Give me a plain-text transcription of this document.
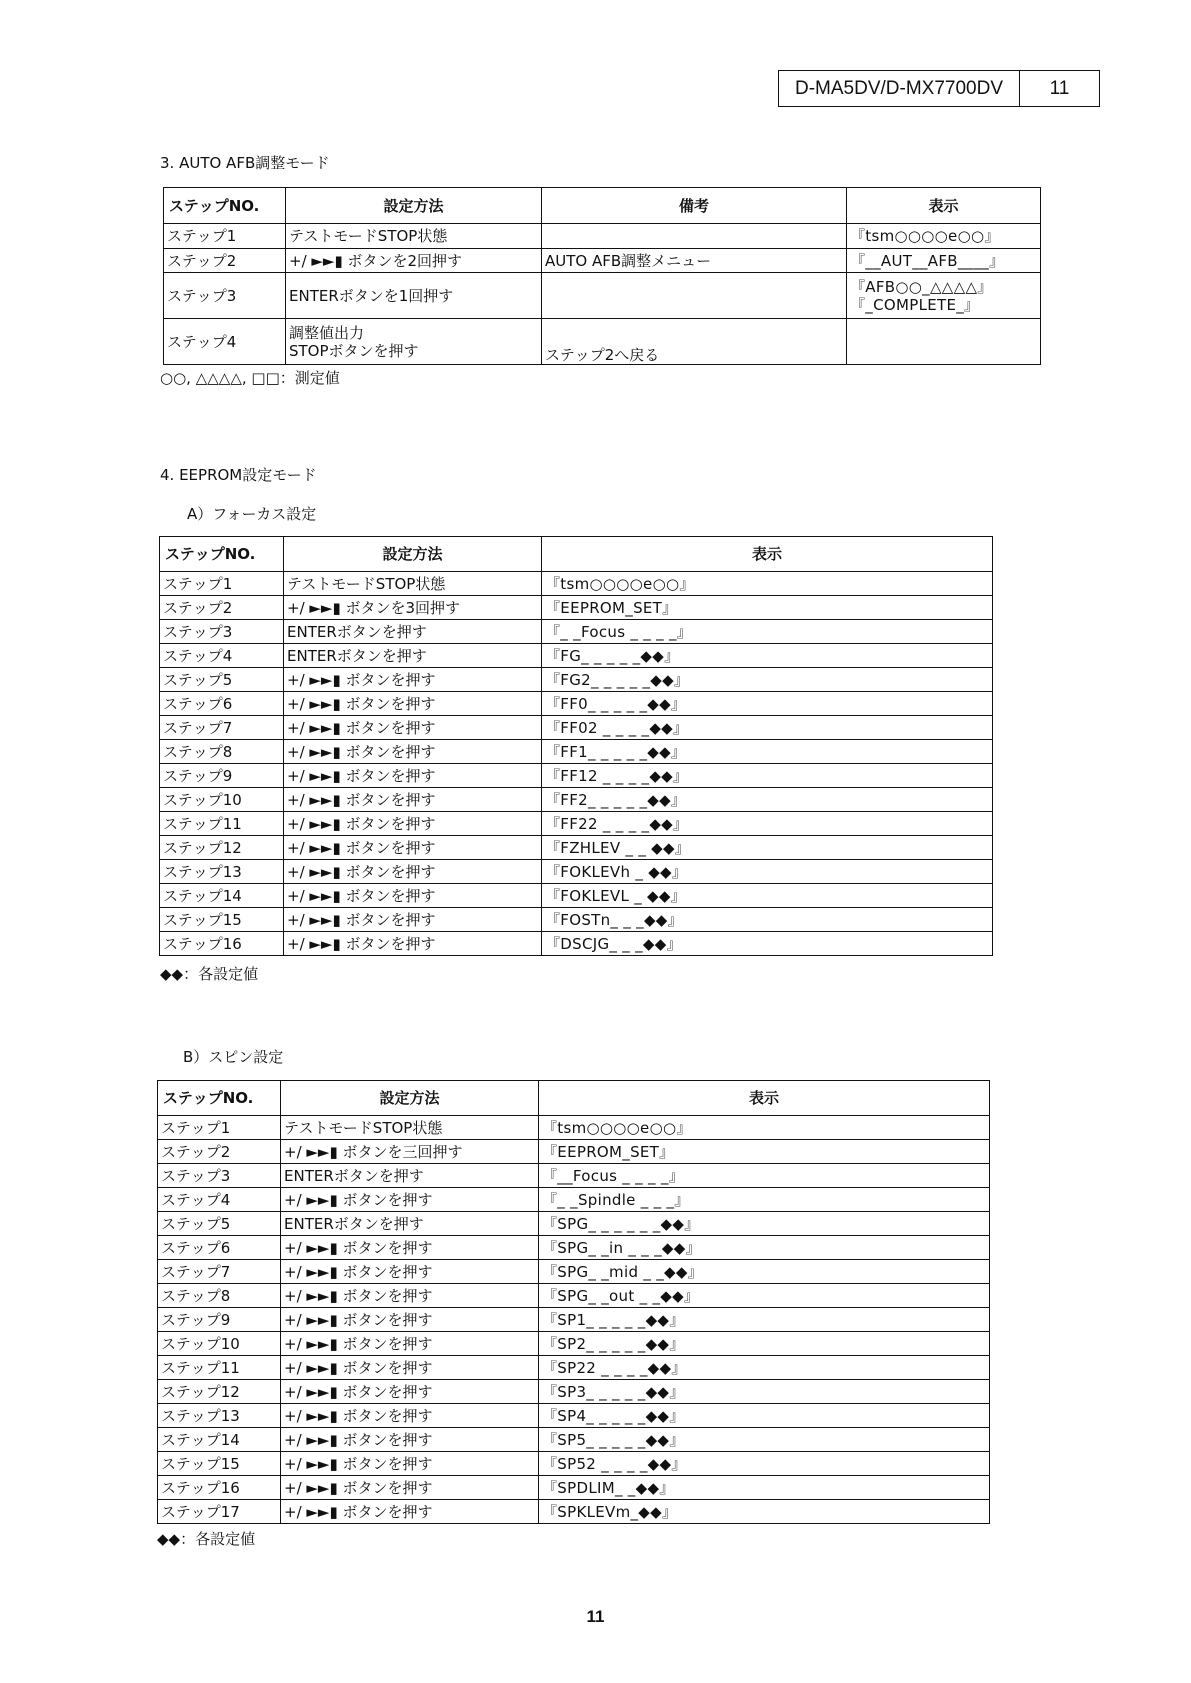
D-MA5DV/D-MX7700DV	11
3. AUTO AFB調整モード
ステップNO.	設定方法	備考	表示
ステップ1	テストモードSTOP状態		『tsm○○○○e○○』
ステップ2	+/ ►►▮ ボタンを2回押す	AUTO AFB調整メニュー	『__AUT__AFB____』
ステップ3	ENTERボタンを1回押す		『AFB○○_△△△△』
『_COMPLETE_』

ステップ4	調整値出力
STOPボタンを押す	ステップ2へ戻る	
○○, △△△△, □□：測定値
4. EEPROM設定モード
A）フォーカス設定
ステップNO.	設定方法	表示
ステップ1	テストモードSTOP状態	『tsm○○○○e○○』
ステップ2	+/ ►►▮ ボタンを3回押す	『EEPROM_SET』
ステップ3	ENTERボタンを押す	『_ _Focus _ _ _ _』
ステップ4	ENTERボタンを押す	『FG_ _ _ _ _◆◆』
ステップ5	+/ ►►▮ ボタンを押す	『FG2_ _ _ _ _◆◆』
ステップ6	+/ ►►▮ ボタンを押す	『FF0_ _ _ _ _◆◆』
ステップ7	+/ ►►▮ ボタンを押す	『FF02 _ _ _ _◆◆』
ステップ8	+/ ►►▮ ボタンを押す	『FF1_ _ _ _ _◆◆』
ステップ9	+/ ►►▮ ボタンを押す	『FF12 _ _ _ _◆◆』
ステップ10	+/ ►►▮ ボタンを押す	『FF2_ _ _ _ _◆◆』
ステップ11	+/ ►►▮ ボタンを押す	『FF22 _ _ _ _◆◆』
ステップ12	+/ ►►▮ ボタンを押す	『FZHLEV _ _ ◆◆』
ステップ13	+/ ►►▮ ボタンを押す	『FOKLEVh _ ◆◆』
ステップ14	+/ ►►▮ ボタンを押す	『FOKLEVL _ ◆◆』
ステップ15	+/ ►►▮ ボタンを押す	『FOSTn_ _ _◆◆』
ステップ16	+/ ►►▮ ボタンを押す	『DSCJG_ _ _◆◆』
◆◆：各設定値
B）スピン設定
ステップNO.	設定方法	表示
ステップ1	テストモードSTOP状態	『tsm○○○○e○○』
ステップ2	+/ ►►▮ ボタンを三回押す	『EEPROM_SET』
ステップ3	ENTERボタンを押す	『__Focus _ _ _ _』
ステップ4	+/ ►►▮ ボタンを押す	『_ _Spindle _ _ _』
ステップ5	ENTERボタンを押す	『SPG_ _ _ _ _ _◆◆』
ステップ6	+/ ►►▮ ボタンを押す	『SPG_ _in _ _ _◆◆』
ステップ7	+/ ►►▮ ボタンを押す	『SPG_ _mid _ _◆◆』
ステップ8	+/ ►►▮ ボタンを押す	『SPG_ _out _ _◆◆』
ステップ9	+/ ►►▮ ボタンを押す	『SP1_ _ _ _ _◆◆』
ステップ10	+/ ►►▮ ボタンを押す	『SP2_ _ _ _ _◆◆』
ステップ11	+/ ►►▮ ボタンを押す	『SP22 _ _ _ _◆◆』
ステップ12	+/ ►►▮ ボタンを押す	『SP3_ _ _ _ _◆◆』
ステップ13	+/ ►►▮ ボタンを押す	『SP4_ _ _ _ _◆◆』
ステップ14	+/ ►►▮ ボタンを押す	『SP5_ _ _ _ _◆◆』
ステップ15	+/ ►►▮ ボタンを押す	『SP52 _ _ _ _◆◆』
ステップ16	+/ ►►▮ ボタンを押す	『SPDLIM_ _◆◆』
ステップ17	+/ ►►▮ ボタンを押す	『SPKLEVm_◆◆』
◆◆：各設定値
11
